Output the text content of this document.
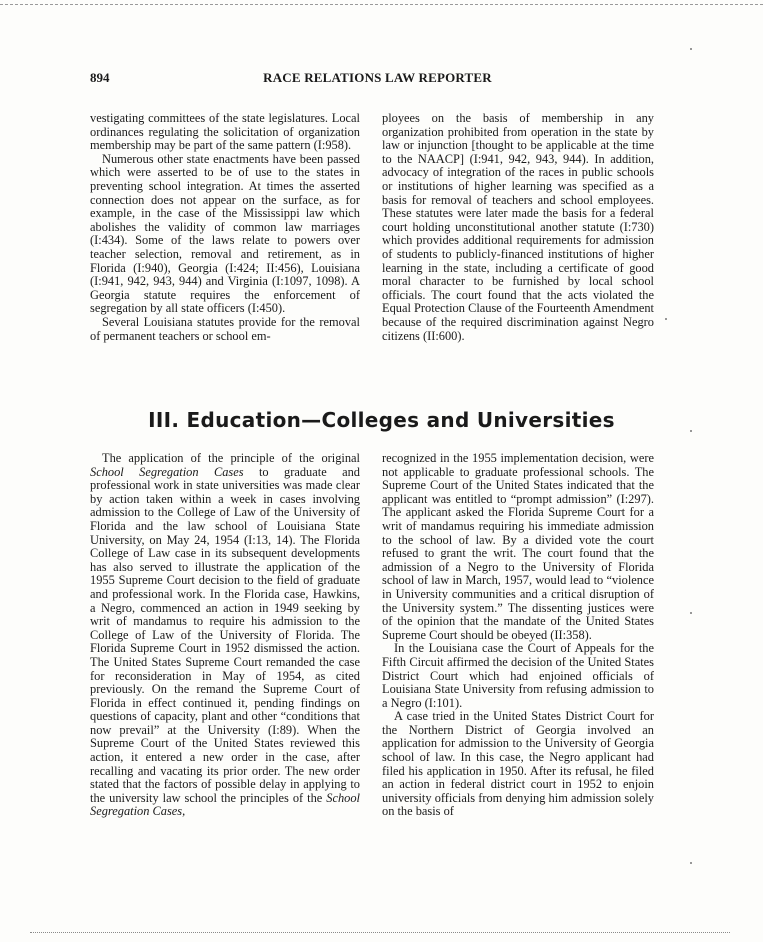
894	RACE RELATIONS LAW REPORTER

vestigating committees of the state legislatures. Local ordinances regulating the solicitation of organization membership may be part of the same pattern (I:958).

Numerous other state enactments have been passed which were asserted to be of use to the states in preventing school integration. At times the asserted connection does not appear on the surface, as for example, in the case of the Mississippi law which abolishes the validity of common law marriages (I:434). Some of the laws relate to powers over teacher selection, removal and retirement, as in Florida (I:940), Georgia (I:424; II:456), Louisiana (I:941, 942, 943, 944) and Virginia (I:1097, 1098). A Georgia statute requires the enforcement of segregation by all state officers (I:450).

Several Louisiana statutes provide for the removal of permanent teachers or school em-

ployees on the basis of membership in any organization prohibited from operation in the state by law or injunction [thought to be applicable at the time to the NAACP] (I:941, 942, 943, 944). In addition, advocacy of integration of the races in public schools or institutions of higher learning was specified as a basis for removal of teachers and school employees. These statutes were later made the basis for a federal court holding unconstitutional another statute (I:730) which provides additional requirements for admission of students to publicly-financed institutions of higher learning in the state, including a certificate of good moral character to be furnished by local school officials. The court found that the acts violated the Equal Protection Clause of the Fourteenth Amendment because of the required discrimination against Negro citizens (II:600).

III. Education—Colleges and Universities

The application of the principle of the original School Segregation Cases to graduate and professional work in state universities was made clear by action taken within a week in cases involving admission to the College of Law of the University of Florida and the law school of Louisiana State University, on May 24, 1954 (I:13, 14). The Florida College of Law case in its subsequent developments has also served to illustrate the application of the 1955 Supreme Court decision to the field of graduate and professional work. In the Florida case, Hawkins, a Negro, commenced an action in 1949 seeking by writ of mandamus to require his admission to the College of Law of the University of Florida. The Florida Supreme Court in 1952 dismissed the action. The United States Supreme Court remanded the case for reconsideration in May of 1954, as cited previously. On the remand the Supreme Court of Florida in effect continued it, pending findings on questions of capacity, plant and other “conditions that now prevail” at the University (I:89). When the Supreme Court of the United States reviewed this action, it entered a new order in the case, after recalling and vacating its prior order. The new order stated that the factors of possible delay in applying to the university law school the principles of the School Segregation Cases,

recognized in the 1955 implementation decision, were not applicable to graduate professional schools. The Supreme Court of the United States indicated that the applicant was entitled to “prompt admission” (I:297). The applicant asked the Florida Supreme Court for a writ of mandamus requiring his immediate admission to the school of law. By a divided vote the court refused to grant the writ. The court found that the admission of a Negro to the University of Florida school of law in March, 1957, would lead to “violence in University communities and a critical disruption of the University system.” The dissenting justices were of the opinion that the mandate of the United States Supreme Court should be obeyed (II:358).

In the Louisiana case the Court of Appeals for the Fifth Circuit affirmed the decision of the United States District Court which had enjoined officials of Louisiana State University from refusing admission to a Negro (I:101).

A case tried in the United States District Court for the Northern District of Georgia involved an application for admission to the University of Georgia school of law. In this case, the Negro applicant had filed his application in 1950. After its refusal, he filed an action in federal district court in 1952 to enjoin university officials from denying him admission solely on the basis of
